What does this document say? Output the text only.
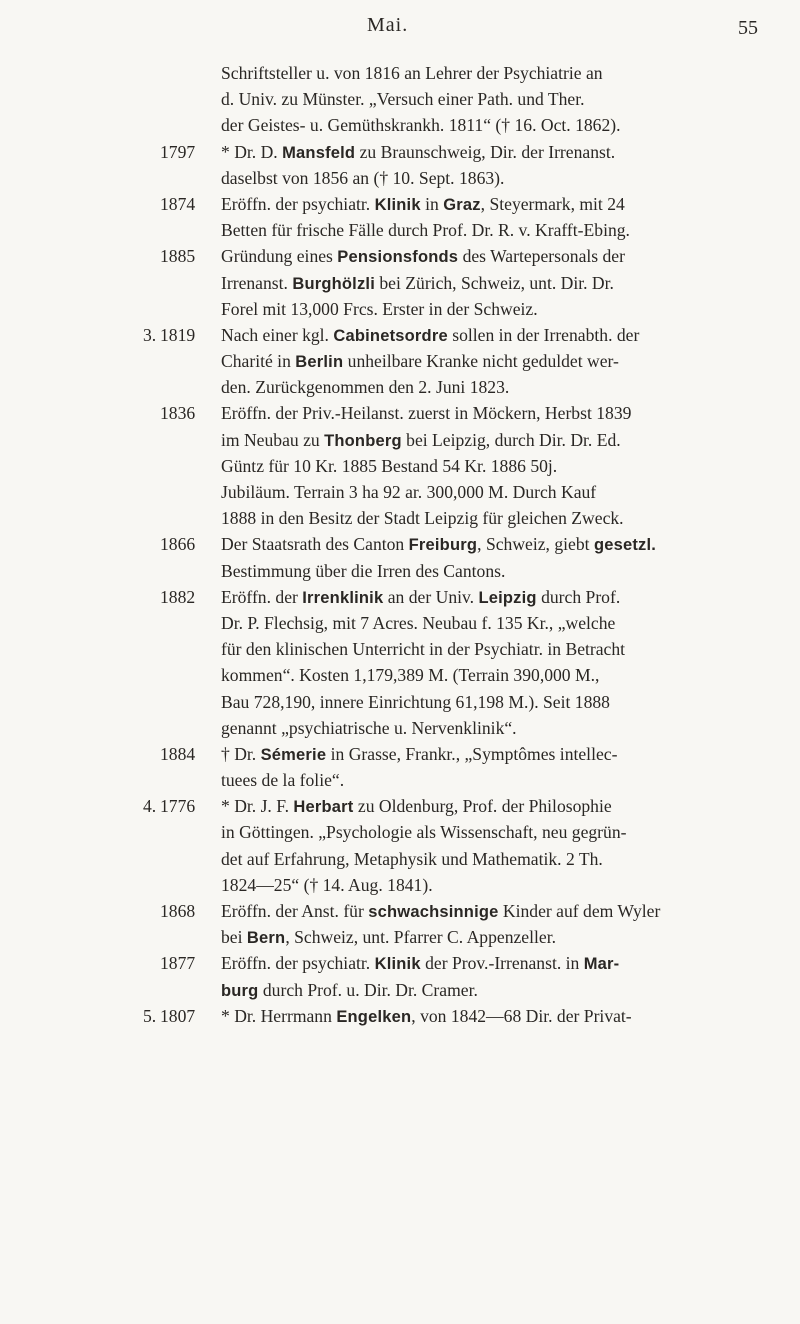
Mai.	55
Schriftsteller u. von 1816 an Lehrer der Psychiatrie an
d. Univ. zu Münster. „Versuch einer Path. und Ther.
der Geistes- u. Gemüthskrankh. 1811“ († 16. Oct. 1862).
1797	* Dr. D. Mansfeld zu Braunschweig, Dir. der Irrenanst.
daselbst von 1856 an († 10. Sept. 1863).
1874	Eröffn. der psychiatr. Klinik in Graz, Steyermark, mit 24
Betten für frische Fälle durch Prof. Dr. R. v. Krafft-Ebing.
1885	Gründung eines Pensionsfonds des Wartepersonals der
Irrenanst. Burghölzli bei Zürich, Schweiz, unt. Dir. Dr.
Forel mit 13,000 Frcs. Erster in der Schweiz.
3. 1819	Nach einer kgl. Cabinetsordre sollen in der Irrenabth. der
Charité in Berlin unheilbare Kranke nicht geduldet wer-
den. Zurückgenommen den 2. Juni 1823.
1836	Eröffn. der Priv.-Heilanst. zuerst in Möckern, Herbst 1839
im Neubau zu Thonberg bei Leipzig, durch Dir. Dr. Ed.
Güntz für 10 Kr. 1885 Bestand 54 Kr. 1886 50j.
Jubiläum. Terrain 3 ha 92 ar. 300,000 M. Durch Kauf
1888 in den Besitz der Stadt Leipzig für gleichen Zweck.
1866	Der Staatsrath des Canton Freiburg, Schweiz, giebt gesetzl.
Bestimmung über die Irren des Cantons.
1882	Eröffn. der Irrenklinik an der Univ. Leipzig durch Prof.
Dr. P. Flechsig, mit 7 Acres. Neubau f. 135 Kr., „welche
für den klinischen Unterricht in der Psychiatr. in Betracht
kommen“. Kosten 1,179,389 M. (Terrain 390,000 M.,
Bau 728,190, innere Einrichtung 61,198 M.). Seit 1888
genannt „psychiatrische u. Nervenklinik“.
1884	† Dr. Sémerie in Grasse, Frankr., „Symptômes intellec-
tuees de la folie“.
4. 1776	* Dr. J. F. Herbart zu Oldenburg, Prof. der Philosophie
in Göttingen. „Psychologie als Wissenschaft, neu gegrün-
det auf Erfahrung, Metaphysik und Mathematik. 2 Th.
1824—25“ († 14. Aug. 1841).
1868	Eröffn. der Anst. für schwachsinnige Kinder auf dem Wyler
bei Bern, Schweiz, unt. Pfarrer C. Appenzeller.
1877	Eröffn. der psychiatr. Klinik der Prov.-Irrenanst. in Mar-
burg durch Prof. u. Dir. Dr. Cramer.
5. 1807	* Dr. Herrmann Engelken, von 1842—68 Dir. der Privat-
